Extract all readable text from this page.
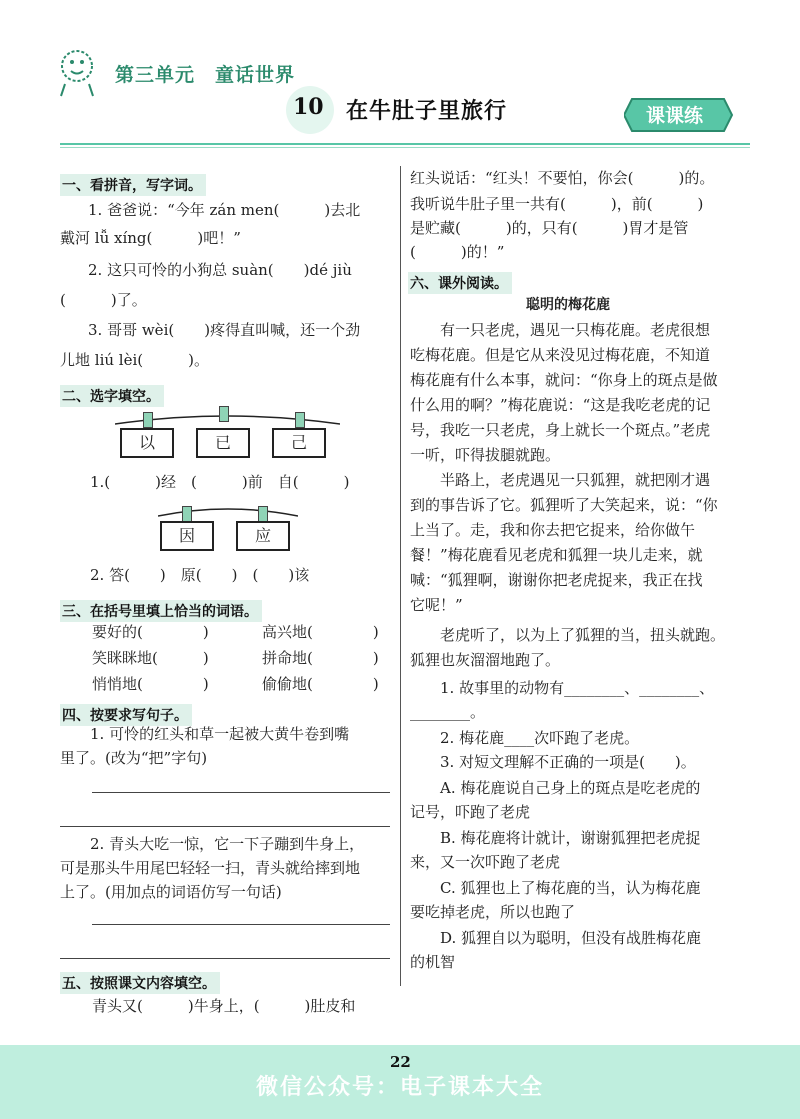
第三单元　童话世界
10 在牛肚子里旅行	课课练
一、看拼音，写字词。
1. 爸爸说：“今年 zán men(　　　)去北
戴河 lǚ xíng(　　　)吧！”
2. 这只可怜的小狗总 suàn(　　)dé jiù
(　　　)了。
3. 哥哥 wèi(　　)疼得直叫喊，还一个劲
儿地 liú lèi(　　　)。
二、选字填空。
以	已	己
1.(　　　)经　(　　　)前　自(　　　)
因	应
2. 答(　　)　原(　　)　(　　)该
三、在括号里填上恰当的词语。
要好的(　　　　)	高兴地(　　　　)
笑眯眯地(　　　)	拼命地(　　　　)
悄悄地(　　　　)	偷偷地(　　　　)
四、按要求写句子。
1. 可怜的红头和草一起被大黄牛卷到嘴
里了。(改为“把”字句)
2. 青头大吃一惊，它一下子蹦到牛身上，
可是那头牛用尾巴轻轻一扫，青头就给摔到地
上了。(用加点的词语仿写一句话)
五、按照课文内容填空。
青头又(　　　)牛身上，(　　　)肚皮和
红头说话：“红头！不要怕，你会(　　　)的。
我听说牛肚子里一共有(　　　)，前(　　　)
是贮藏(　　　)的，只有(　　　)胃才是管
(　　　)的！”
六、课外阅读。
聪明的梅花鹿
有一只老虎，遇见一只梅花鹿。老虎很想
吃梅花鹿。但是它从来没见过梅花鹿，不知道
梅花鹿有什么本事，就问：“你身上的斑点是做
什么用的啊？”梅花鹿说：“这是我吃老虎的记
号，我吃一只老虎，身上就长一个斑点。”老虎
一听，吓得拔腿就跑。
半路上，老虎遇见一只狐狸，就把刚才遇
到的事告诉了它。狐狸听了大笑起来，说：“你
上当了。走，我和你去把它捉来，给你做午
餐！”梅花鹿看见老虎和狐狸一块儿走来，就
喊：“狐狸啊，谢谢你把老虎捉来，我正在找
它呢！”
老虎听了，以为上了狐狸的当，扭头就跑。
狐狸也灰溜溜地跑了。
1. 故事里的动物有________、________、
________。
2. 梅花鹿____次吓跑了老虎。
3. 对短文理解不正确的一项是(　　)。
A. 梅花鹿说自己身上的斑点是吃老虎的
记号，吓跑了老虎
B. 梅花鹿将计就计，谢谢狐狸把老虎捉
来，又一次吓跑了老虎
C. 狐狸也上了梅花鹿的当，认为梅花鹿
要吃掉老虎，所以也跑了
D. 狐狸自以为聪明，但没有战胜梅花鹿
的机智
22
微信公众号：电子课本大全
